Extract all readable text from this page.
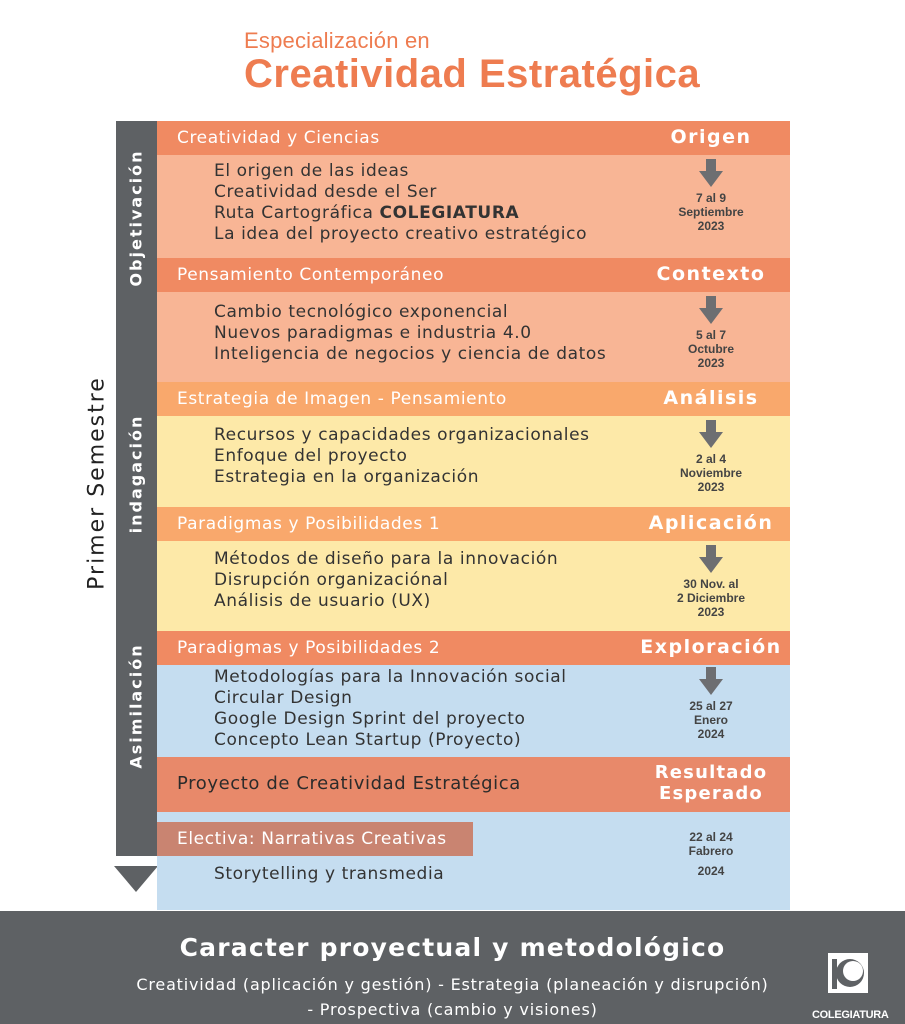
Especialización en
Creatividad Estratégica
Objetivación
indagación
Asimilación
Primer Semestre
Creatividad y Ciencias	Origen
El origen de las ideas
Creatividad desde el Ser
Ruta Cartográfica COLEGIATURA
La idea del proyecto creativo estratégico
7 al 9
Septiembre
2023
Pensamiento Contemporáneo	Contexto
Cambio tecnológico exponencial
Nuevos paradigmas e industria 4.0
Inteligencia de negocios y ciencia de datos
5 al 7
Octubre
2023
Estrategia de Imagen - Pensamiento	Análisis
Recursos y capacidades organizacionales
Enfoque del proyecto
Estrategia en la organización
2 al 4
Noviembre
2023
Paradigmas y Posibilidades 1	Aplicación
Métodos de diseño para la innovación
Disrupción organizaciónal
Análisis de usuario (UX)
30 Nov. al
2 Diciembre
2023
Paradigmas y Posibilidades 2	Exploración
Metodologías para la Innovación social
Circular Design
Google Design Sprint del proyecto
Concepto Lean Startup (Proyecto)
25 al 27
Enero
2024
Proyecto de Creatividad Estratégica
Resultado
Esperado
Electiva: Narrativas Creativas
Storytelling y transmedia
22 al 24
Fabrero
2024
Caracter proyectual y metodológico
Creatividad (aplicación y gestión) - Estrategia (planeación y disrupción)
- Prospectiva (cambio y visiones)	COLEGIATURA
